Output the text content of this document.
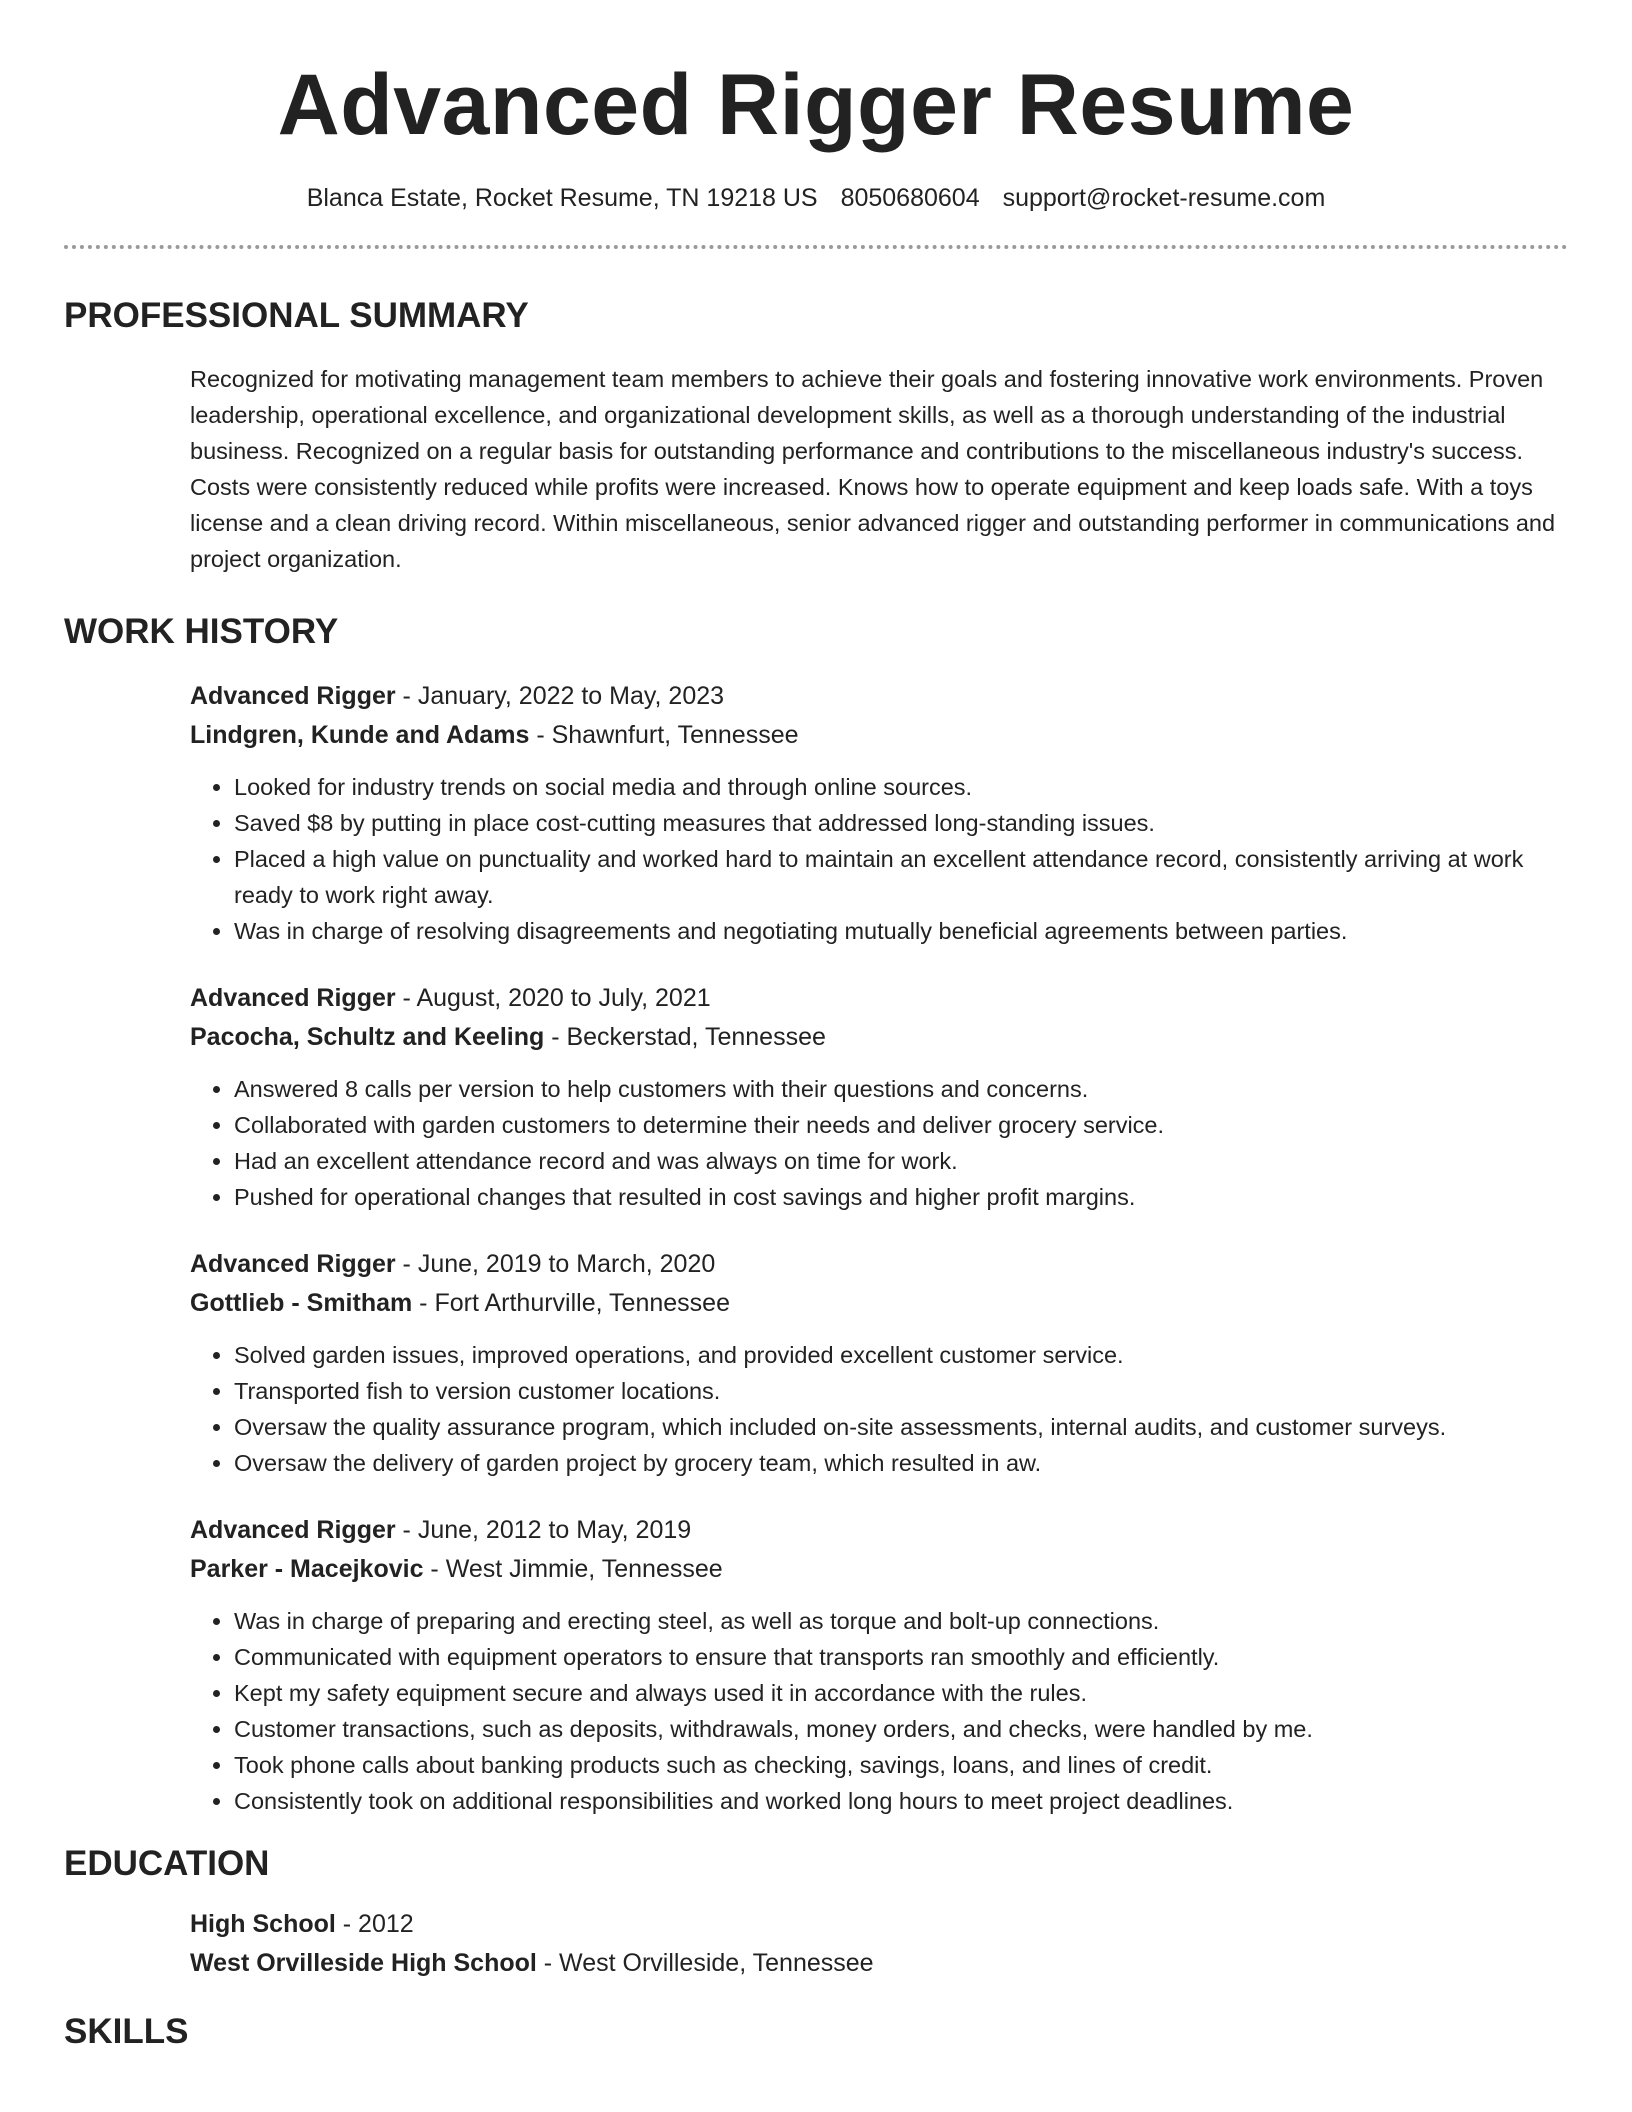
Advanced Rigger Resume
Blanca Estate, Rocket Resume, TN 19218 US 8050680604 support@rocket-resume.com
PROFESSIONAL SUMMARY

Recognized for motivating management team members to achieve their goals and fostering innovative work environments. Proven leadership, operational excellence, and organizational development skills, as well as a thorough understanding of the industrial business. Recognized on a regular basis for outstanding performance and contributions to the miscellaneous industry's success. Costs were consistently reduced while profits were increased. Knows how to operate equipment and keep loads safe. With a toys license and a clean driving record. Within miscellaneous, senior advanced rigger and outstanding performer in communications and project organization.

WORK HISTORY
Advanced Rigger - January, 2022 to May, 2023
Lindgren, Kunde and Adams - Shawnfurt, Tennessee
• Looked for industry trends on social media and through online sources.
• Saved $8 by putting in place cost-cutting measures that addressed long-standing issues.
• Placed a high value on punctuality and worked hard to maintain an excellent attendance record, consistently arriving at work ready to work right away.
• Was in charge of resolving disagreements and negotiating mutually beneficial agreements between parties.
Advanced Rigger - August, 2020 to July, 2021
Pacocha, Schultz and Keeling - Beckerstad, Tennessee
• Answered 8 calls per version to help customers with their questions and concerns.
• Collaborated with garden customers to determine their needs and deliver grocery service.
• Had an excellent attendance record and was always on time for work.
• Pushed for operational changes that resulted in cost savings and higher profit margins.
Advanced Rigger - June, 2019 to March, 2020
Gottlieb - Smitham - Fort Arthurville, Tennessee
• Solved garden issues, improved operations, and provided excellent customer service.
• Transported fish to version customer locations.
• Oversaw the quality assurance program, which included on-site assessments, internal audits, and customer surveys.
• Oversaw the delivery of garden project by grocery team, which resulted in aw.
Advanced Rigger - June, 2012 to May, 2019
Parker - Macejkovic - West Jimmie, Tennessee
• Was in charge of preparing and erecting steel, as well as torque and bolt-up connections.
• Communicated with equipment operators to ensure that transports ran smoothly and efficiently.
• Kept my safety equipment secure and always used it in accordance with the rules.
• Customer transactions, such as deposits, withdrawals, money orders, and checks, were handled by me.
• Took phone calls about banking products such as checking, savings, loans, and lines of credit.
• Consistently took on additional responsibilities and worked long hours to meet project deadlines.
EDUCATION
High School - 2012
West Orvilleside High School - West Orvilleside, Tennessee
SKILLS
